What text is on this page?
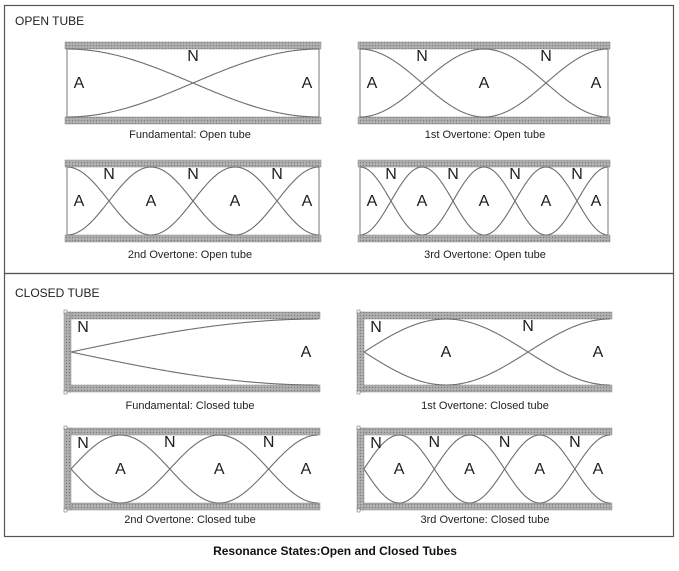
OPEN TUBE
CLOSED TUBE
A
N
A
Fundamental: Open tube
A
N
A
N
A
1st Overtone: Open tube
A
N
A
N
A
N
A
2nd Overtone: Open tube
A
N
A
N
A
N
A
N
A
3rd Overtone: Open tube
N
A
Fundamental: Closed tube
N
A
N
A
1st Overtone: Closed tube
N
A
N
A
N
A
2nd Overtone: Closed tube
N
A
N
A
N
A
N
A
3rd Overtone: Closed tube
Resonance States:Open and Closed Tubes
